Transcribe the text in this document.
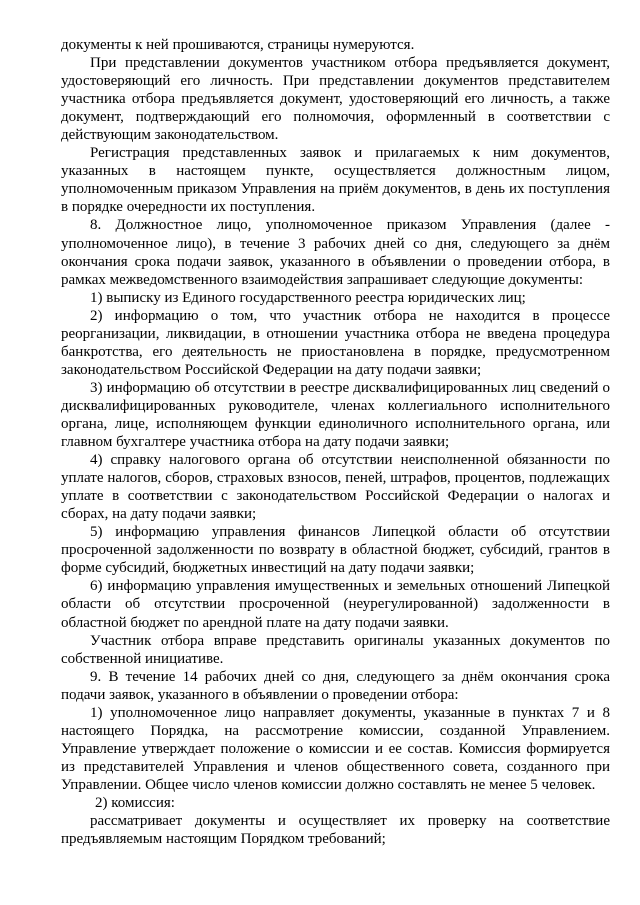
документы к ней прошиваются, страницы нумеруются.

При представлении документов участником отбора предъявляется документ, удостоверяющий его личность. При представлении документов представителем участника отбора предъявляется документ, удостоверяющий его личность, а также документ, подтверждающий его полномочия, оформленный в соответствии с действующим законодательством.

Регистрация представленных заявок и прилагаемых к ним документов, указанных в настоящем пункте, осуществляется должностным лицом, уполномоченным приказом Управления на приём документов, в день их поступления в порядке очередности их поступления.

8. Должностное лицо, уполномоченное приказом Управления (далее - уполномоченное лицо), в течение 3 рабочих дней со дня, следующего за днём окончания срока подачи заявок, указанного в объявлении о проведении отбора, в рамках межведомственного взаимодействия запрашивает следующие документы:

1) выписку из Единого государственного реестра юридических лиц;

2) информацию о том, что участник отбора не находится в процессе реорганизации, ликвидации, в отношении участника отбора не введена процедура банкротства, его деятельность не приостановлена в порядке, предусмотренном законодательством Российской Федерации на дату подачи заявки;

3) информацию об отсутствии в реестре дисквалифицированных лиц сведений о дисквалифицированных руководителе, членах коллегиального исполнительного органа, лице, исполняющем функции единоличного исполнительного органа, или главном бухгалтере участника отбора на дату подачи заявки;

4) справку налогового органа об отсутствии неисполненной обязанности по уплате налогов, сборов, страховых взносов, пеней, штрафов, процентов, подлежащих уплате в соответствии с законодательством Российской Федерации о налогах и сборах, на дату подачи заявки;

5) информацию управления финансов Липецкой области об отсутствии просроченной задолженности по возврату в областной бюджет, субсидий, грантов в форме субсидий, бюджетных инвестиций на дату подачи заявки;

6) информацию управления имущественных и земельных отношений Липецкой области об отсутствии просроченной (неурегулированной) задолженности в областной бюджет по арендной плате на дату подачи заявки.

Участник отбора вправе представить оригиналы указанных документов по собственной инициативе.

9. В течение 14 рабочих дней со дня, следующего за днём окончания срока подачи заявок, указанного в объявлении о проведении отбора:

1) уполномоченное лицо направляет документы, указанные в пунктах 7 и 8 настоящего Порядка, на рассмотрение комиссии, созданной Управлением. Управление утверждает положение о комиссии и ее состав. Комиссия формируется из представителей Управления и членов общественного совета, созданного при Управлении. Общее число членов комиссии должно составлять не менее 5 человек.

2) комиссия:

рассматривает документы и осуществляет их проверку на соответствие предъявляемым настоящим Порядком требований;
